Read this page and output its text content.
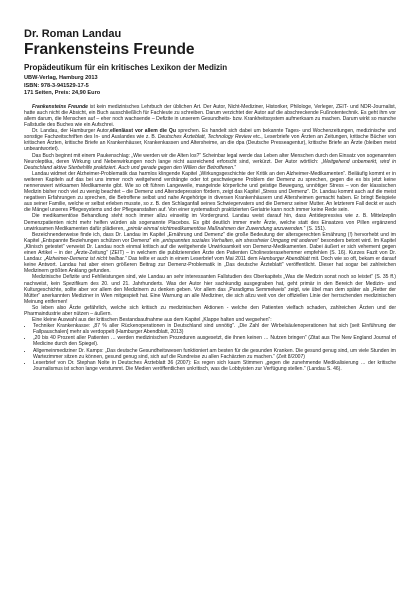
Dr. Roman Landau
Frankensteins Freunde
Propädeutikum für ein kritisches Lexikon der Medizin
UBW-Verlag, Hamburg 2013
ISBN: 978-3-941529-17-5
171 Seiten, Preis: 24,90 Euro

Frankensteins Freunde ist kein medizinisches Lehrbuch der üblichen Art. Der Autor, Nicht-Mediziner, Historiker, Philologe, Verleger, ZEIT- und NDR-Journalist, hatte auch nicht die Absicht, ein Buch ausschließlich für Fachleute zu schreiben. Darum verzichtet der Autor auf die abschreckende Fußnotentechnik. Es geht ihm vor allem darum, die Menschen auf – eher noch wachsende – Defizite in unserem Gesundheits- bzw. Krankheitssystem aufmerksam zu machen. Darum wirkt so manche Fallstudie des Buches wie ein Aufschrei.

Dr. Landau, der Hamburger Autor,ellenlässt vor allem die Qu sprechen. Es handelt sich dabei um bekannte Tages- und Wochenzeitungen, medizinische und sonstige Fachzeitschriften des In- und Auslandes wie z. B. Deutsches Ärzteblatt, Technology Review etc., Leserbriefe von Ärzten an Zeitungen, kritische Bücher von kritischen Ärzten, kritische Briefe an Krankenhäuser, Krankenkassen und Altersheime, an die dpa (Deutsche Presseagentur), kritische Briefe an Ärzte (bleiben meist unbeantwortet).

Das Buch beginnt mit einem Paukenschlag: „Wie werden wir die Alten los?“ Scheinbar legal werde das Leben alter Menschen durch den Einsatz von sogenannten Neuroleptika, deren Wirkung und Nebenwirkungen noch lange nicht ausreichend erforscht sind, verkürzt. Der Autor wörtlich: „Weitgehend unbemerkt, wird in Deutschland aktive Sterbehilfe praktiziert. Auch und gerade gegen den Willen der Betroffenen.“

Landau widmet der Alzheimer-Problematik das harmlos klingende Kapitel „Wirkungsgeschichte der Kritik an den Alzheimer-Medikamenten“. Beiläufig kommt er in weiteren Kapiteln auf das bei uns immer noch weitgehend verdrängte oder tot geschwiegene Problem der Demenz zu sprechen, gegen die es bis jetzt keine nennenswert wirksamen Medikamente gibt. Wie so oft führen Langeweile, mangelnde körperliche und geistige Bewegung, unnötiger Stress – von der klassischen Medizin bisher noch viel zu wenig beachtet – die Demenz und Altersdepression fördern, zeigt das Kapitel „Stress und Demenz“. Dr. Landau kommt auch auf die meist negativen Erfahrungen zu sprechen, die Betroffene selbst und nahe Angehörige in diversen Krankenhäusern und Altersheimen gemacht haben. Er bringt Beispiele aus seiner Familie, welche er selbst erleben musste, so z. B. den Schlaganfall seines Schwiegervaters und die Demenz seiner Mutter. An letzterem Fall deckt er auch die Mängel unseres Pflegesystems und der Pflegeanstalten auf. Von einer systematisch praktizierten Geriatrie kann noch immer keine Rede sein.

Die medikamentöse Behandlung steht noch immer allzu einseitig im Vordergrund. Landau weist darauf hin, dass Antidepressiva wie z. B. Mittelzeplin Demenzpatienten nicht mehr helfen würden als sogenannte Placebos. Es gibt deutlich immer mehr Ärzte, welche statt des Einsatzes von Pillen ergänzend unwirksamen Medikamenten dafür plädieren, „primär einmal nichtmedikamentöse Maßnahmen der Zuwendung anzuwenden.“ (S. 151).

Bezeichnenderweise finde ich, dass Dr. Landau im Kapitel „Ernährung und Demenz“ die große Bedeutung der altersgerechten Ernährung (!) hervorhebt und im Kapitel „Entspannte Beziehungen schützen vor Demenz“ ein „entspanntes soziales Verhalten, ein stressfreier Umgang mit anderen“ besonders betont wird. Im Kapitel „Klinisch getestet“ verweist Dr. Landau noch einmal kritisch auf die weitgehende Unwirksamkeit von Demenz-Medikamenten. Dabei äußert er sich vehement gegen einen Artikel – in der „Ärzte-Zeitung“ (ZEIT) – in welchem die publizierenden Ärzte den Patienten Cholinesterasehemmer empfehlen (S. 16). Kurzes Fazit von Dr. Landau: „Alzheimer-Demenz ist nicht heilbar.“ Das teilte er auch in einem Leserbrief vom Mai 2011 dem Hamburger Abendblatt mit. Doch wie so oft, bekam er darauf keine Antwort. Landau hat aber einen größeren Beitrag zur Demenz-Problematik in „Das deutsche Ärzteblatt“ veröffentlicht. Dieser hat sogar bei zahlreichen Medizinern größten Anklang gefunden.

Medizinische Defizite und Fehlleistungen sind, wie Landau an sehr interessanten Fallstudien des Oberkapitels „Was die Medizin sonst noch so leistet“ (S. 35 ff.) nachweist, kein Spezifikum des 20. und 21. Jahrhunderts. Was der Autor hier sachkundig ausgegraben hat, geht primär in den Bereich der Medizin- und Kulturgeschichte, sollte aber vor allem den Medizinern zu denken geben. Vor allem das „Paradigma Semmelweis“ zeigt, wie übel man dem später als „Retter der Mütter“ anerkannten Mediziner in Wien mitgespielt hat. Eine Warnung an alle Mediziner, die sich allzu weit von der offiziellen Linie der herrschenden medizinischen Meinung entfernen!

So leben also Ärzte gefährlich, welche sich kritisch zu medizinischen Aktionen - welche den Patienten vielfach schaden, zahlreichen Ärzten und der Pharmaindustrie aber nützen – äußern.

Eine kleine Auswahl aus der kritischen Bestandsaufnahme aus dem Kapitel „Klappe halten und wegsehen“:

• Techniker Krankenkasse: „87 % aller Rückenoperationen in Deutschland sind unnötig“. „Die Zahl der Wirbelsäulenoperationen hat sich [seit Einführung der Fallpauschalen] mehr als verdoppelt (Hamburger Abendblatt, 2013)
• „20 bis 40 Prozent aller Patienten … werden medizinischen Prozeduren ausgesetzt, die ihnen keinen … Nutzen bringen“ (Zitat aus The New England Journal of Medicine durch den Spiegel).
• Allgemeinmediziner Dr. Kamps: „Das deutsche Gesundheitswesen funktioniert am besten für die gesunden Kranken. Die gesund genug sind, um viele Stunden im Wartezimmer sitzen zu können, gesund genug sind, sich auf die Rundreise zu allen Fachärzten zu machen.“ (Zeit 8/2007)
• Leserbrief von Dr. Stephan Nolte in Deutsches Ärzteblatt 36 (2007): Es regen sich kaum Stimmen „gegen die zunehmende Medikalisierung … der kritische Journalismus ist schon lange verstummt. Die Medien veröffentlichen unkritisch, was die Lobbyisten zur Verfügung stellen.“ (Landau S. 46).
